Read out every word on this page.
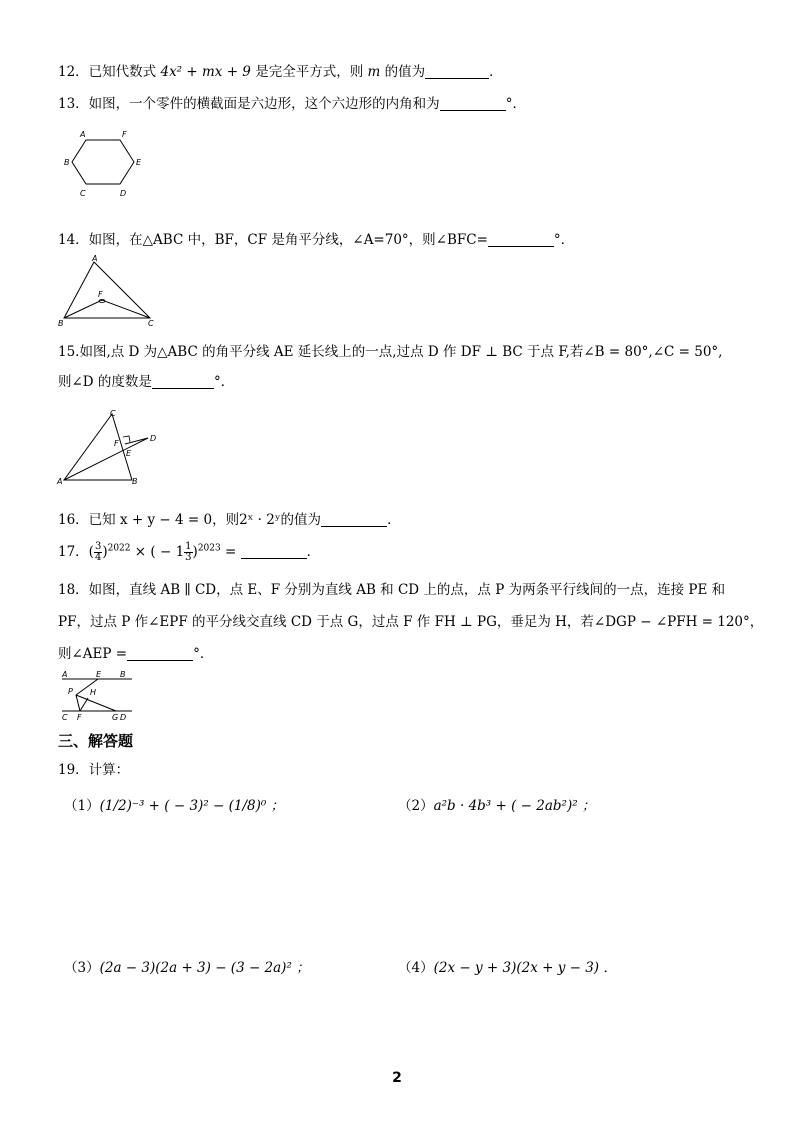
12．已知代数式 4x² + mx + 9 是完全平方式，则 m 的值为	．
13．如图，一个零件的横截面是六边形，这个六边形的内角和为	°．
A	F
B	E
C	D
14．如图，在△ABC 中，BF，CF 是角平分线，∠A=70°，则∠BFC=	°．
A
F
B	C
15.如图,点 D 为△ABC 的角平分线 AE 延长线上的一点,过点 D 作 DF ⊥ BC 于点 F,若∠B = 80°,∠C = 50°,
则∠D 的度数是	°．
C
F
D
E
A	B
16．已知 x + y − 4 = 0，则2ˣ · 2ʸ的值为	．
17．( $\frac{3}{4} )^{2022}$ × ( − $1 \frac{1}{3} )^{2023}$ =	．
18．如图，直线 AB ∥ CD，点 E、F 分别为直线 AB 和 CD 上的点，点 P 为两条平行线间的一点，连接 PE 和
PF，过点 P 作∠EPF 的平分线交直线 CD 于点 G，过点 F 作 FH ⊥ PG，垂足为 H，若∠DGP − ∠PFH = 120°，
则∠AEP =	°．
A	E B
P H
C F	G D
三、解答题
19．计算：
（1）(1/2)⁻³ + ( − 3)² − (1/8)⁰ ；	（2）a²b · 4b³ + ( − 2ab²)² ；
（3）(2a − 3)(2a + 3) − (3 − 2a)² ；	（4）(2x − y + 3)(2x + y − 3) ．
2
